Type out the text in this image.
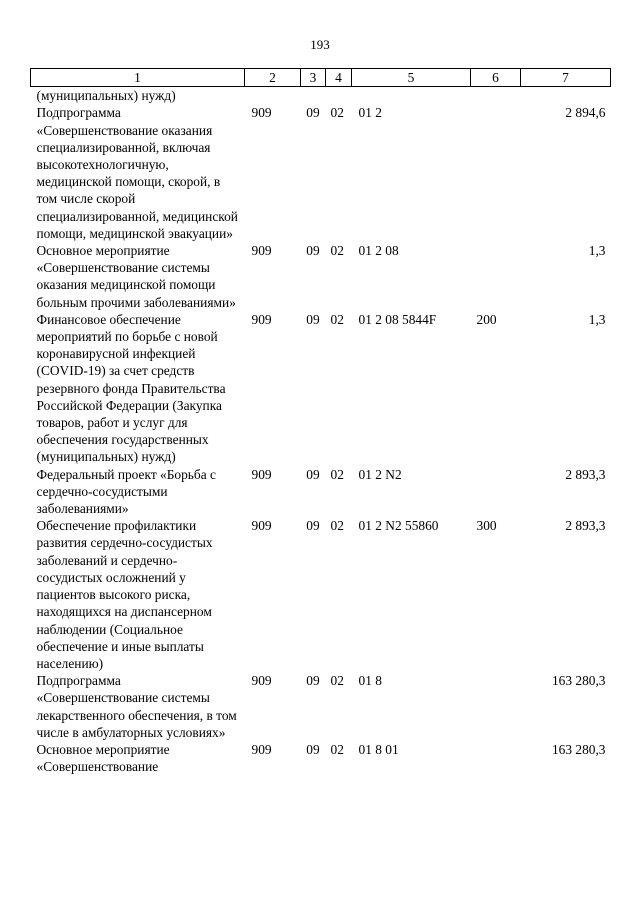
193
1	2	3	4	5	6	7
(муниципальных) нужд)						
Подпрограмма «Совершенствование оказания специализированной, включая высокотехнологичную, медицинской помощи, скорой, в том числе скорой специализированной, медицинской помощи, медицинской эвакуации»	909	09	02	01 2		2 894,6
Основное мероприятие «Совершенствование системы оказания медицинской помощи больным прочими заболеваниями»	909	09	02	01 2 08		1,3
Финансовое обеспечение мероприятий по борьбе с новой коронавирусной инфекцией (COVID-19) за счет средств резервного фонда Правительства Российской Федерации (Закупка товаров, работ и услуг для обеспечения государственных (муниципальных) нужд)	909	09	02	01 2 08 5844F	200	1,3
Федеральный проект «Борьба с сердечно-сосудистыми заболеваниями»	909	09	02	01 2 N2		2 893,3
Обеспечение профилактики развития сердечно-сосудистых заболеваний и сердечно-сосудистых осложнений у пациентов высокого риска, находящихся на диспансерном наблюдении (Социальное обеспечение и иные выплаты населению)	909	09	02	01 2 N2 55860	300	2 893,3
Подпрограмма «Совершенствование системы лекарственного обеспечения, в том числе в амбулаторных условиях»	909	09	02	01 8		163 280,3
Основное мероприятие «Совершенствование	909	09	02	01 8 01		163 280,3
